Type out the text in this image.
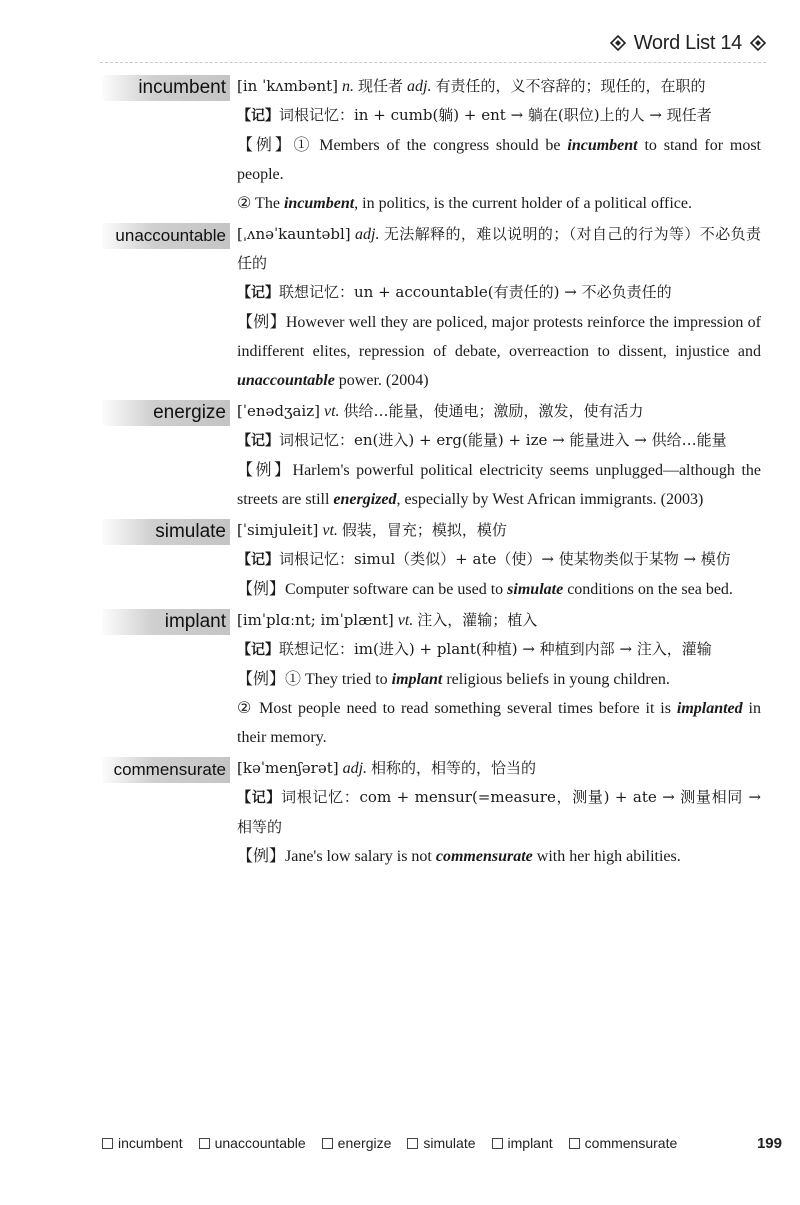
Word List 14
incumbent [in ˈkʌmbənt] n. 现任者 adj. 有责任的，义不容辞的；现任的，在职的

【记】词根记忆：in + cumb(躺) + ent → 躺在(职位)上的人 → 现任者

【例】① Members of the congress should be incumbent to stand for most people.

② The incumbent, in politics, is the current holder of a political office.

unaccountable [ˌʌnəˈkauntəbl] adj. 无法解释的，难以说明的；（对自己的行为等）不必负责任的

【记】联想记忆：un + accountable(有责任的) → 不必负责任的

【例】However well they are policed, major protests reinforce the impression of indifferent elites, repression of debate, overreaction to dissent, injustice and unaccountable power. (2004)

energize [ˈenədʒaiz] vt. 供给…能量，使通电；激励，激发，使有活力

【记】词根记忆：en(进入) + erg(能量) + ize → 能量进入 → 供给…能量

【例】Harlem's powerful political electricity seems unplugged—although the streets are still energized, especially by West African immigrants. (2003)

simulate [ˈsimjuleit] vt. 假装，冒充；模拟，模仿

【记】词根记忆：simul（类似）+ ate（使）→ 使某物类似于某物 → 模仿

【例】Computer software can be used to simulate conditions on the sea bed.

implant [imˈplɑːnt; imˈplænt] vt. 注入，灌输；植入

【记】联想记忆：im(进入) + plant(种植) → 种植到内部 → 注入，灌输

【例】① They tried to implant religious beliefs in young children.

② Most people need to read something several times before it is implanted in their memory.

commensurate [kəˈmenʃərət] adj. 相称的，相等的，恰当的

【记】词根记忆：com + mensur(=measure，测量) + ate → 测量相同 → 相等的

【例】Jane's low salary is not commensurate with her high abilities.

incumbent unaccountable energize simulate implant commensurate	199
